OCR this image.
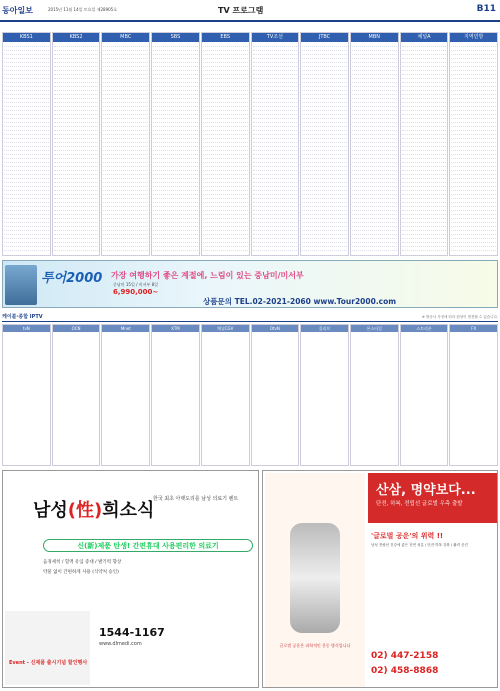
동아일보	2015년 11월 14일 토요일 제28905호	TV 프로그램	B11
KBS1	KBS2	MBC	SBS	EBS	TV조선	JTBC	MBN	채널A	지역민방
투어2000 가장 여행하기 좋은 계절에, 느림이 있는 중남미/미서부
중남미 15일 / 미서부 8일
6,990,000~
상품문의 TEL.02-2021-2060 www.Tour2000.com
케이블·종합 IPTV	※ 방송사 사정에 따라 편성이 변경될 수 있습니다.
tvN	OCN	Mnet	XTM	채널CGV	OtvN	올리브	온스타일	스토리온	FX
남성(性)희소식
한국 최초 아랫도리를 남성 의료기 렌트
신(新)제품 탄생! 간편휴대 사용편리한 의료기
음경세척 / 혈액 유입 증대 / 발기력 향상
약물 없이 간편하게 사용 (식약처 승인)
1544-1167
www.dlmedi.com
Event - 신제품 출시기념 할인행사
글로벌 공운은 과학적인 운동 방식입니다
산삼, 명약보다...
단전, 하복, 전립선 글로벌 우측 출발
'글로벌 공운'의 위력 !!
남성 전립선 건강에 좋은 천연 성분 / 단전·하복 강화 / 활력 증진
02) 447-2158
02) 458-8868
